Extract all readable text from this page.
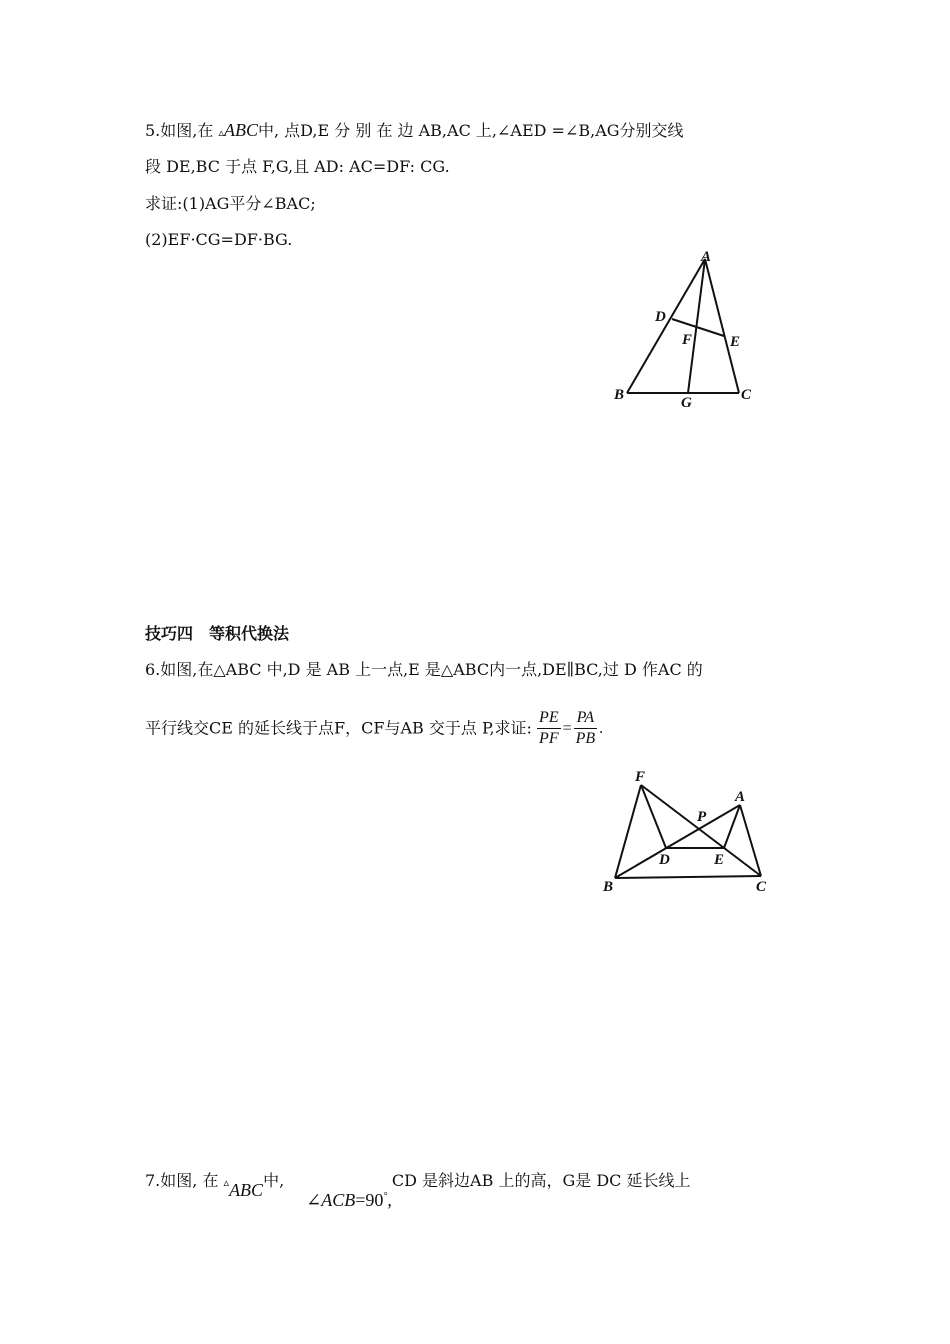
5.如图,在 ▵ABC中, 点D,E 分 别 在 边 AB,AC 上,∠AED =∠B,AG分别交线
段 DE,BC 于点 F,G,且 AD: AC=DF: CG.
求证:(1)AG平分∠BAC;
(2)EF·CG=DF·BG.
A
D
F	E
B	G	C
技巧四　等积代换法
6.如图,在△ABC 中,D 是 AB 上一点,E 是△ABC内一点,DE∥BC,过 D 作AC 的
平行线交CE 的延长线于点F，CF与AB 交于点 P,求证: $\frac{PE}{PF} = \frac{PA}{PB}$ .
F
A
P
D	E
B	C
7.如图, 在 ▵ABC中,∠ACB=90°,CD 是斜边AB 上的高，G是 DC 延长线上
